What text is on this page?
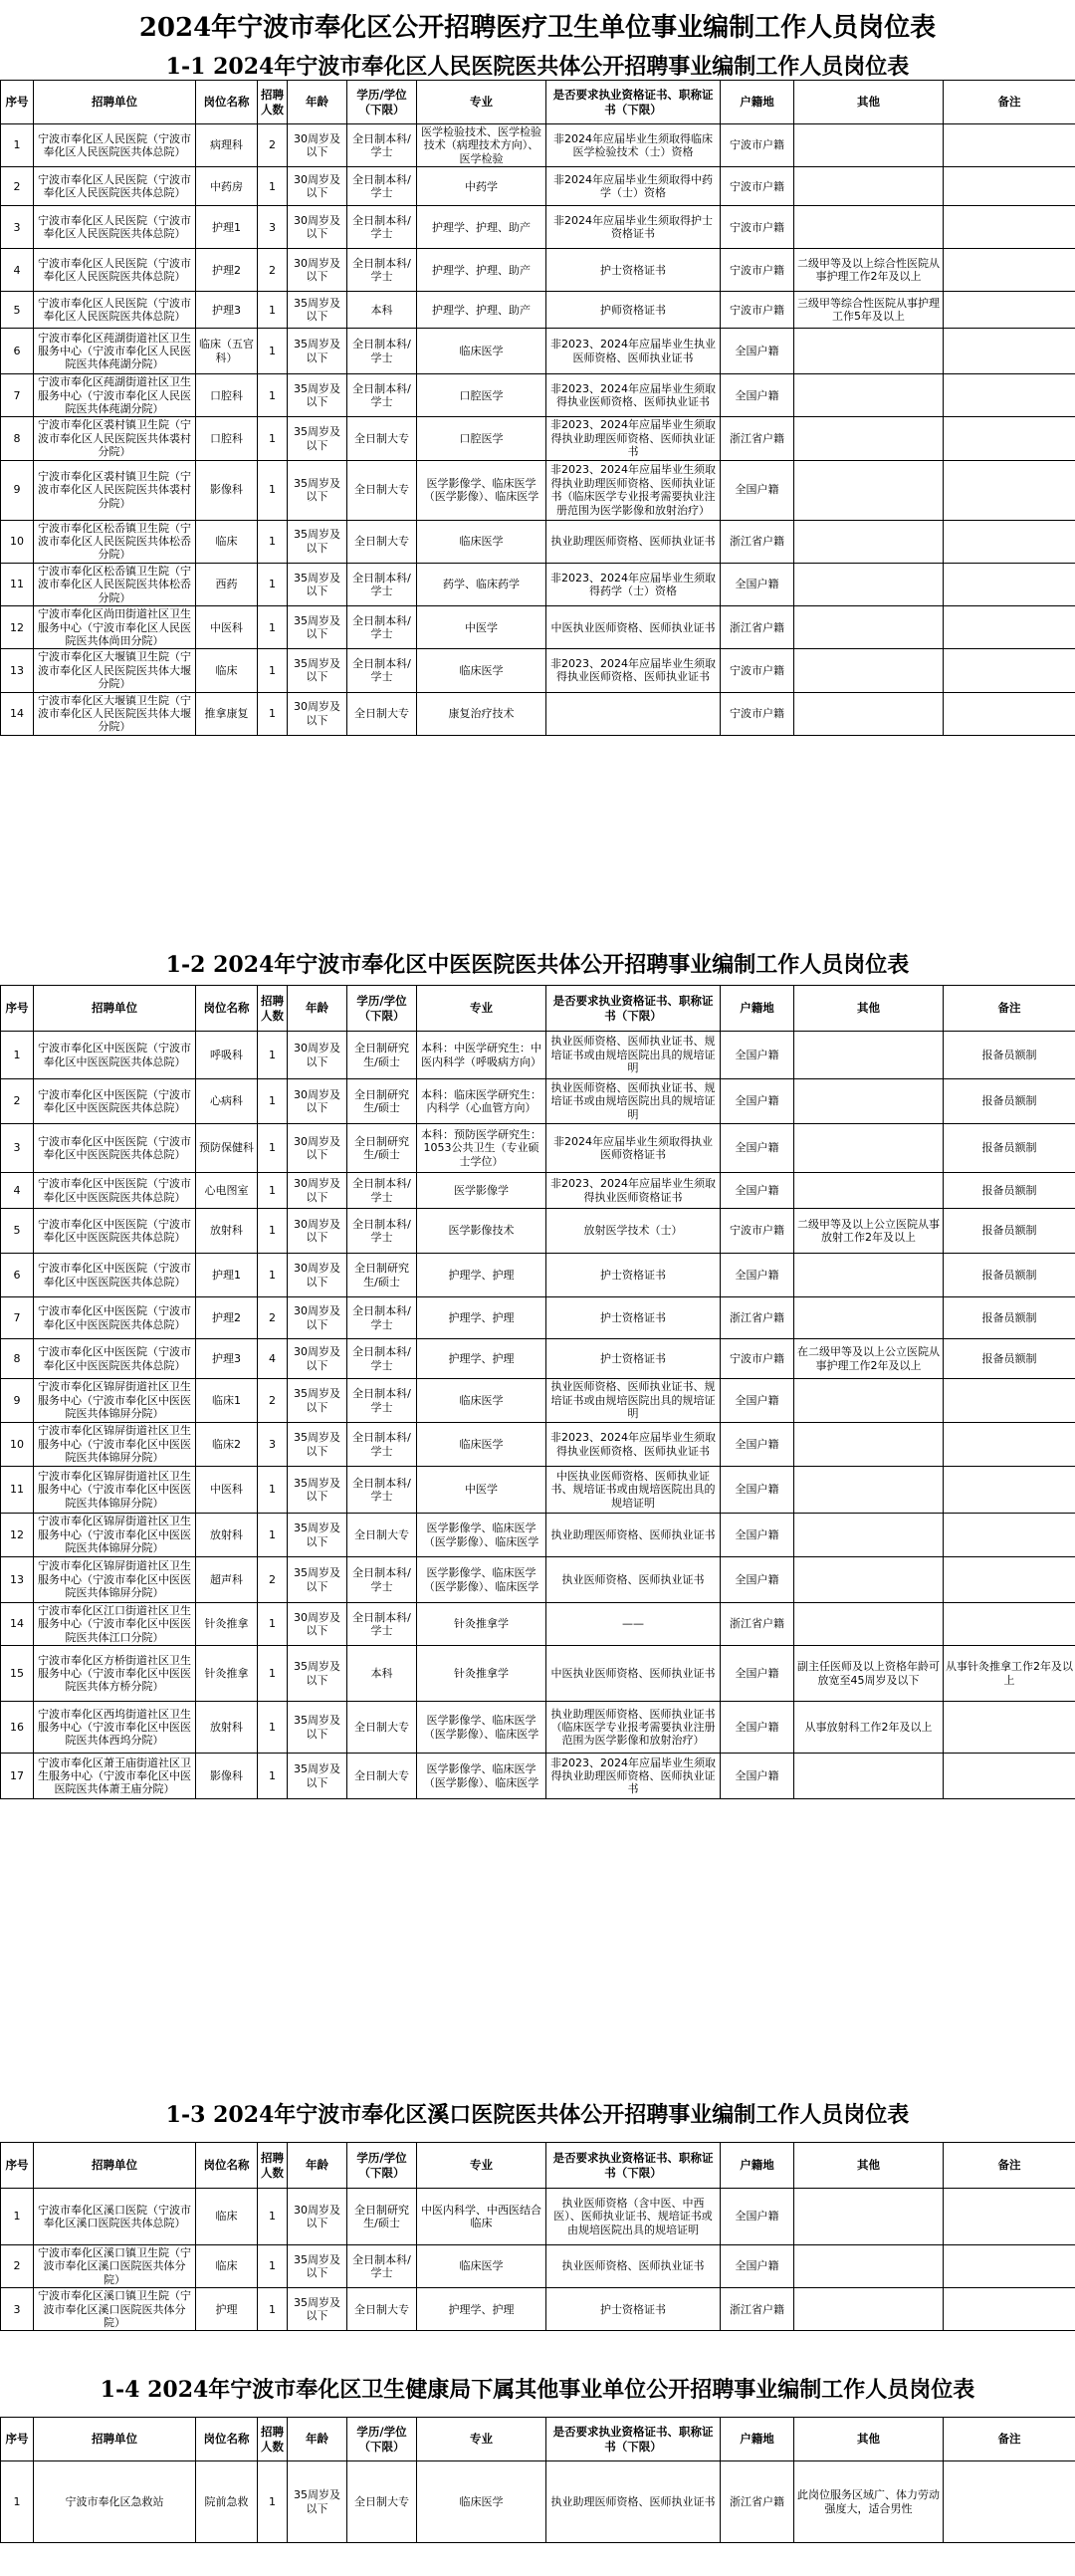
2024年宁波市奉化区公开招聘医疗卫生单位事业编制工作人员岗位表
1-1 2024年宁波市奉化区人民医院医共体公开招聘事业编制工作人员岗位表
序号	招聘单位	岗位名称	招聘人数	年龄	学历/学位（下限）	专业	是否要求执业资格证书、职称证书（下限）	户籍地	其他	备注
1	宁波市奉化区人民医院（宁波市奉化区人民医院医共体总院）	病理科	2	30周岁及以下	全日制本科/学士	医学检验技术、医学检验技术（病理技术方向）、医学检验	非2024年应届毕业生须取得临床医学检验技术（士）资格	宁波市户籍		
2	宁波市奉化区人民医院（宁波市奉化区人民医院医共体总院）	中药房	1	30周岁及以下	全日制本科/学士	中药学	非2024年应届毕业生须取得中药学（士）资格	宁波市户籍		
3	宁波市奉化区人民医院（宁波市奉化区人民医院医共体总院）	护理1	3	30周岁及以下	全日制本科/学士	护理学、护理、助产	非2024年应届毕业生须取得护士资格证书	宁波市户籍		
4	宁波市奉化区人民医院（宁波市奉化区人民医院医共体总院）	护理2	2	30周岁及以下	全日制本科/学士	护理学、护理、助产	护士资格证书	宁波市户籍	二级甲等及以上综合性医院从事护理工作2年及以上	
5	宁波市奉化区人民医院（宁波市奉化区人民医院医共体总院）	护理3	1	35周岁及以下	本科	护理学、护理、助产	护师资格证书	宁波市户籍	三级甲等综合性医院从事护理工作5年及以上	
6	宁波市奉化区莼湖街道社区卫生服务中心（宁波市奉化区人民医院医共体莼湖分院）	临床（五官科）	1	35周岁及以下	全日制本科/学士	临床医学	非2023、2024年应届毕业生执业医师资格、医师执业证书	全国户籍		
7	宁波市奉化区莼湖街道社区卫生服务中心（宁波市奉化区人民医院医共体莼湖分院）	口腔科	1	35周岁及以下	全日制本科/学士	口腔医学	非2023、2024年应届毕业生须取得执业医师资格、医师执业证书	全国户籍		
8	宁波市奉化区裘村镇卫生院（宁波市奉化区人民医院医共体裘村分院）	口腔科	1	35周岁及以下	全日制大专	口腔医学	非2023、2024年应届毕业生须取得执业助理医师资格、医师执业证书	浙江省户籍		
9	宁波市奉化区裘村镇卫生院（宁波市奉化区人民医院医共体裘村分院）	影像科	1	35周岁及以下	全日制大专	医学影像学、临床医学（医学影像）、临床医学	非2023、2024年应届毕业生须取得执业助理医师资格、医师执业证书（临床医学专业报考需要执业注册范围为医学影像和放射治疗）	全国户籍		
10	宁波市奉化区松岙镇卫生院（宁波市奉化区人民医院医共体松岙分院）	临床	1	35周岁及以下	全日制大专	临床医学	执业助理医师资格、医师执业证书	浙江省户籍		
11	宁波市奉化区松岙镇卫生院（宁波市奉化区人民医院医共体松岙分院）	西药	1	35周岁及以下	全日制本科/学士	药学、临床药学	非2023、2024年应届毕业生须取得药学（士）资格	全国户籍		
12	宁波市奉化区尚田街道社区卫生服务中心（宁波市奉化区人民医院医共体尚田分院）	中医科	1	35周岁及以下	全日制本科/学士	中医学	中医执业医师资格、医师执业证书	浙江省户籍		
13	宁波市奉化区大堰镇卫生院（宁波市奉化区人民医院医共体大堰分院）	临床	1	35周岁及以下	全日制本科/学士	临床医学	非2023、2024年应届毕业生须取得执业医师资格、医师执业证书	宁波市户籍		
14	宁波市奉化区大堰镇卫生院（宁波市奉化区人民医院医共体大堰分院）	推拿康复	1	30周岁及以下	全日制大专	康复治疗技术		宁波市户籍		
1-2 2024年宁波市奉化区中医医院医共体公开招聘事业编制工作人员岗位表
序号	招聘单位	岗位名称	招聘人数	年龄	学历/学位（下限）	专业	是否要求执业资格证书、职称证书（下限）	户籍地	其他	备注
1	宁波市奉化区中医医院（宁波市奉化区中医医院医共体总院）	呼吸科	1	30周岁及以下	全日制研究生/硕士	本科：中医学研究生：中医内科学（呼吸病方向）	执业医师资格、医师执业证书、规培证书或由规培医院出具的规培证明	全国户籍		报备员额制
2	宁波市奉化区中医医院（宁波市奉化区中医医院医共体总院）	心病科	1	30周岁及以下	全日制研究生/硕士	本科：临床医学研究生：内科学（心血管方向）	执业医师资格、医师执业证书、规培证书或由规培医院出具的规培证明	全国户籍		报备员额制
3	宁波市奉化区中医医院（宁波市奉化区中医医院医共体总院）	预防保健科	1	30周岁及以下	全日制研究生/硕士	本科：预防医学研究生：1053公共卫生（专业硕士学位）	非2024年应届毕业生须取得执业医师资格证书	全国户籍		报备员额制
4	宁波市奉化区中医医院（宁波市奉化区中医医院医共体总院）	心电图室	1	30周岁及以下	全日制本科/学士	医学影像学	非2023、2024年应届毕业生须取得执业医师资格证书	全国户籍		报备员额制
5	宁波市奉化区中医医院（宁波市奉化区中医医院医共体总院）	放射科	1	30周岁及以下	全日制本科/学士	医学影像技术	放射医学技术（士）	宁波市户籍	二级甲等及以上公立医院从事放射工作2年及以上	报备员额制
6	宁波市奉化区中医医院（宁波市奉化区中医医院医共体总院）	护理1	1	30周岁及以下	全日制研究生/硕士	护理学、护理	护士资格证书	全国户籍		报备员额制
7	宁波市奉化区中医医院（宁波市奉化区中医医院医共体总院）	护理2	2	30周岁及以下	全日制本科/学士	护理学、护理	护士资格证书	浙江省户籍		报备员额制
8	宁波市奉化区中医医院（宁波市奉化区中医医院医共体总院）	护理3	4	30周岁及以下	全日制本科/学士	护理学、护理	护士资格证书	宁波市户籍	在二级甲等及以上公立医院从事护理工作2年及以上	报备员额制
9	宁波市奉化区锦屏街道社区卫生服务中心（宁波市奉化区中医医院医共体锦屏分院）	临床1	2	35周岁及以下	全日制本科/学士	临床医学	执业医师资格、医师执业证书、规培证书或由规培医院出具的规培证明	全国户籍		
10	宁波市奉化区锦屏街道社区卫生服务中心（宁波市奉化区中医医院医共体锦屏分院）	临床2	3	35周岁及以下	全日制本科/学士	临床医学	非2023、2024年应届毕业生须取得执业医师资格、医师执业证书	全国户籍		
11	宁波市奉化区锦屏街道社区卫生服务中心（宁波市奉化区中医医院医共体锦屏分院）	中医科	1	35周岁及以下	全日制本科/学士	中医学	中医执业医师资格、医师执业证书、规培证书或由规培医院出具的规培证明	全国户籍		
12	宁波市奉化区锦屏街道社区卫生服务中心（宁波市奉化区中医医院医共体锦屏分院）	放射科	1	35周岁及以下	全日制大专	医学影像学、临床医学（医学影像）、临床医学	执业助理医师资格、医师执业证书	全国户籍		
13	宁波市奉化区锦屏街道社区卫生服务中心（宁波市奉化区中医医院医共体锦屏分院）	超声科	2	35周岁及以下	全日制本科/学士	医学影像学、临床医学（医学影像）、临床医学	执业医师资格、医师执业证书	全国户籍		
14	宁波市奉化区江口街道社区卫生服务中心（宁波市奉化区中医医院医共体江口分院）	针灸推拿	1	30周岁及以下	全日制本科/学士	针灸推拿学	——	浙江省户籍		
15	宁波市奉化区方桥街道社区卫生服务中心（宁波市奉化区中医医院医共体方桥分院）	针灸推拿	1	35周岁及以下	本科	针灸推拿学	中医执业医师资格、医师执业证书	全国户籍	副主任医师及以上资格年龄可放宽至45周岁及以下	从事针灸推拿工作2年及以上
16	宁波市奉化区西坞街道社区卫生服务中心（宁波市奉化区中医医院医共体西坞分院）	放射科	1	35周岁及以下	全日制大专	医学影像学、临床医学（医学影像）、临床医学	执业助理医师资格、医师执业证书（临床医学专业报考需要执业注册范围为医学影像和放射治疗）	全国户籍	从事放射科工作2年及以上	
17	宁波市奉化区萧王庙街道社区卫生服务中心（宁波市奉化区中医医院医共体萧王庙分院）	影像科	1	35周岁及以下	全日制大专	医学影像学、临床医学（医学影像）、临床医学	非2023、2024年应届毕业生须取得执业助理医师资格、医师执业证书	全国户籍		
1-3 2024年宁波市奉化区溪口医院医共体公开招聘事业编制工作人员岗位表
序号	招聘单位	岗位名称	招聘人数	年龄	学历/学位（下限）	专业	是否要求执业资格证书、职称证书（下限）	户籍地	其他	备注
1	宁波市奉化区溪口医院（宁波市奉化区溪口医院医共体总院）	临床	1	30周岁及以下	全日制研究生/硕士	中医内科学、中西医结合临床	执业医师资格（含中医、中西医）、医师执业证书、规培证书或由规培医院出具的规培证明	全国户籍		
2	宁波市奉化区溪口镇卫生院（宁波市奉化区溪口医院医共体分院）	临床	1	35周岁及以下	全日制本科/学士	临床医学	执业医师资格、医师执业证书	全国户籍		
3	宁波市奉化区溪口镇卫生院（宁波市奉化区溪口医院医共体分院）	护理	1	35周岁及以下	全日制大专	护理学、护理	护士资格证书	浙江省户籍		
1-4 2024年宁波市奉化区卫生健康局下属其他事业单位公开招聘事业编制工作人员岗位表
序号	招聘单位	岗位名称	招聘人数	年龄	学历/学位（下限）	专业	是否要求执业资格证书、职称证书（下限）	户籍地	其他	备注
1	宁波市奉化区急救站	院前急救	1	35周岁及以下	全日制大专	临床医学	执业助理医师资格、医师执业证书	浙江省户籍	此岗位服务区域广、体力劳动强度大，适合男性	
